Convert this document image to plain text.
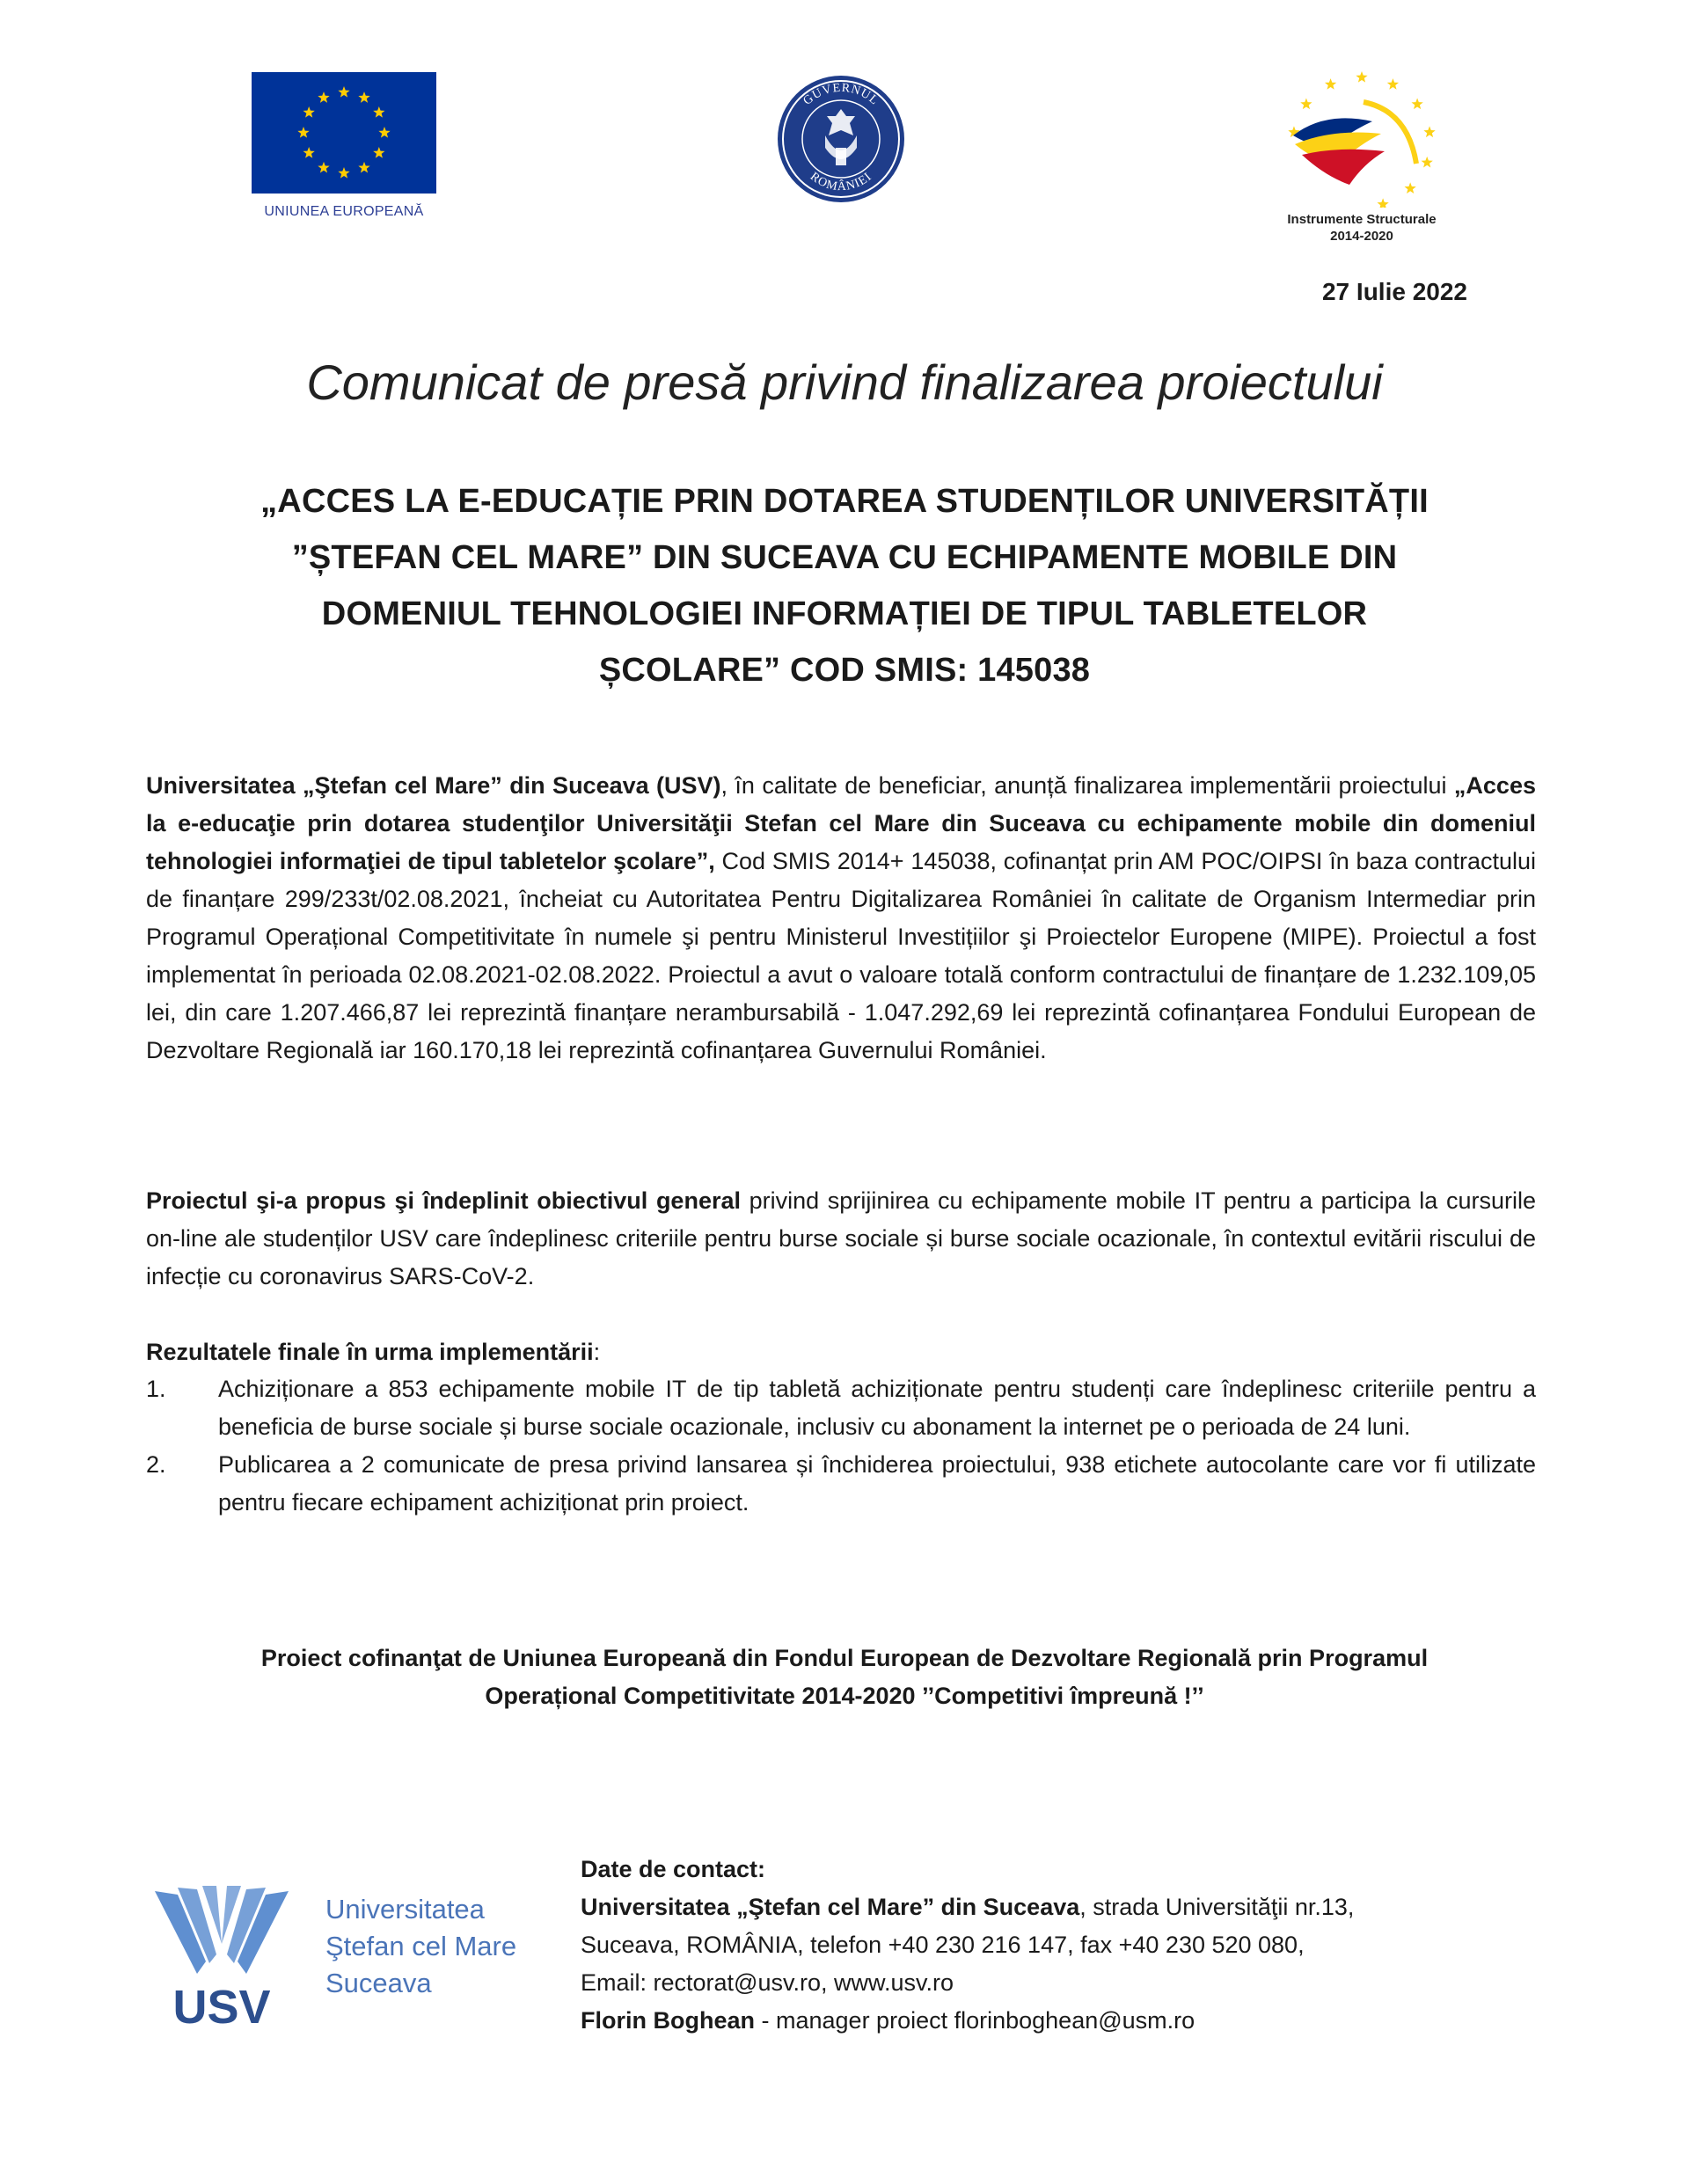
UNIUNEA EUROPEANĂ
GUVERNUL
ROMÂNIEI
Instrumente Structurale
2014-2020
27 Iulie 2022
Comunicat de presă privind finalizarea proiectului
„ACCES LA E-EDUCAȚIE PRIN DOTAREA STUDENȚILOR UNIVERSITĂȚII
”ȘTEFAN CEL MARE” DIN SUCEAVA CU ECHIPAMENTE MOBILE DIN
DOMENIUL TEHNOLOGIEI INFORMAȚIEI DE TIPUL TABLETELOR
ȘCOLARE” COD SMIS: 145038
Universitatea „Ştefan cel Mare” din Suceava (USV), în calitate de beneficiar, anunță finalizarea implementării proiectului „Acces la e-educaţie prin dotarea studenţilor Universităţii Stefan cel Mare din Suceava cu echipamente mobile din domeniul tehnologiei informaţiei de tipul tabletelor şcolare”, Cod SMIS 2014+ 145038, cofinanțat prin AM POC/OIPSI în baza contractului de finanțare 299/233t/02.08.2021, încheiat cu Autoritatea Pentru Digitalizarea României în calitate de Organism Intermediar prin Programul Operațional Competitivitate în numele şi pentru Ministerul Investițiilor şi Proiectelor Europene (MIPE). Proiectul a fost implementat în perioada 02.08.2021-02.08.2022. Proiectul a avut o valoare totală conform contractului de finanțare de 1.232.109,05 lei, din care 1.207.466,87 lei reprezintă finanțare nerambursabilă - 1.047.292,69 lei reprezintă cofinanțarea Fondului European de Dezvoltare Regională iar 160.170,18 lei reprezintă cofinanțarea Guvernului României.
Proiectul şi-a propus şi îndeplinit obiectivul general privind sprijinirea cu echipamente mobile IT pentru a participa la cursurile on-line ale studenților USV care îndeplinesc criteriile pentru burse sociale și burse sociale ocazionale, în contextul evitării riscului de infecție cu coronavirus SARS-CoV-2.
Rezultatele finale în urma implementării:
1. Achiziționare a 853 echipamente mobile IT de tip tabletă achiziționate pentru studenți care îndeplinesc criteriile pentru a beneficia de burse sociale și burse sociale ocazionale, inclusiv cu abonament la internet pe o perioada de 24 luni.
2. Publicarea a 2 comunicate de presa privind lansarea și închiderea proiectului, 938 etichete autocolante care vor fi utilizate pentru fiecare echipament achiziționat prin proiect.
Proiect cofinanţat de Uniunea Europeană din Fondul European de Dezvoltare Regională prin Programul
Operațional Competitivitate 2014-2020 ’’Competitivi împreună !’’
USV
Universitatea
Ştefan cel Mare
Suceava
Date de contact:
Universitatea „Ştefan cel Mare” din Suceava, strada Universităţii nr.13,
Suceava, ROMÂNIA, telefon +40 230 216 147, fax +40 230 520 080,
Email: rectorat@usv.ro, www.usv.ro
Florin Boghean - manager proiect florinboghean@usm.ro
